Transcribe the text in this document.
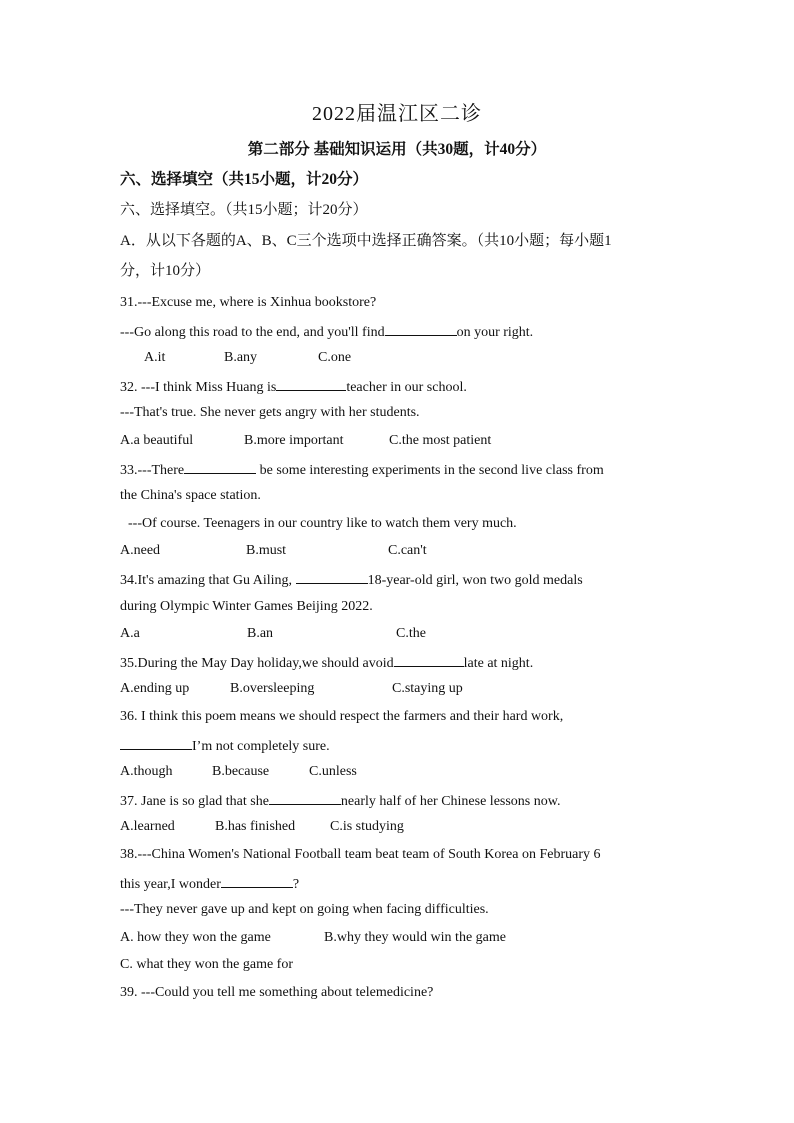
2022届温江区二诊
第二部分 基础知识运用（共30题，计40分）
六、选择填空（共15小题，计20分）
六、选择填空。（共15小题；计20分）
A．从以下各题的A、B、C三个选项中选择正确答案。（共10小题；每小题1
分，计10分）
31.---Excuse me, where is Xinhua bookstore?
---Go along this road to the end, and you'll find	on your right.
A.it	B.any	C.one
32. ---I think Miss Huang is	teacher in our school.
---That's true. She never gets angry with her students.
A.a beautiful	B.more important	C.the most patient
33.---There	be some interesting experiments in the second live class from
the China's space station.
---Of course. Teenagers in our country like to watch them very much.
A.need	B.must	C.can't
34.It's amazing that Gu Ailing,	18-year-old girl, won two gold medals
during Olympic Winter Games Beijing 2022.
A.a	B.an	C.the
35.During the May Day holiday,we should avoid	late at night.
A.ending up	B.oversleeping	C.staying up
36. I think this poem means we should respect the farmers and their hard work,
I’m not completely sure.
A.though	B.because	C.unless
37. Jane is so glad that she	nearly half of her Chinese lessons now.
A.learned	B.has finished C.is studying
38.---China Women's National Football team beat team of South Korea on February 6
this year,I wonder	?
---They never gave up and kept on going when facing difficulties.
A. how they won the game	B.why they would win the game
C. what they won the game for
39. ---Could you tell me something about telemedicine?
